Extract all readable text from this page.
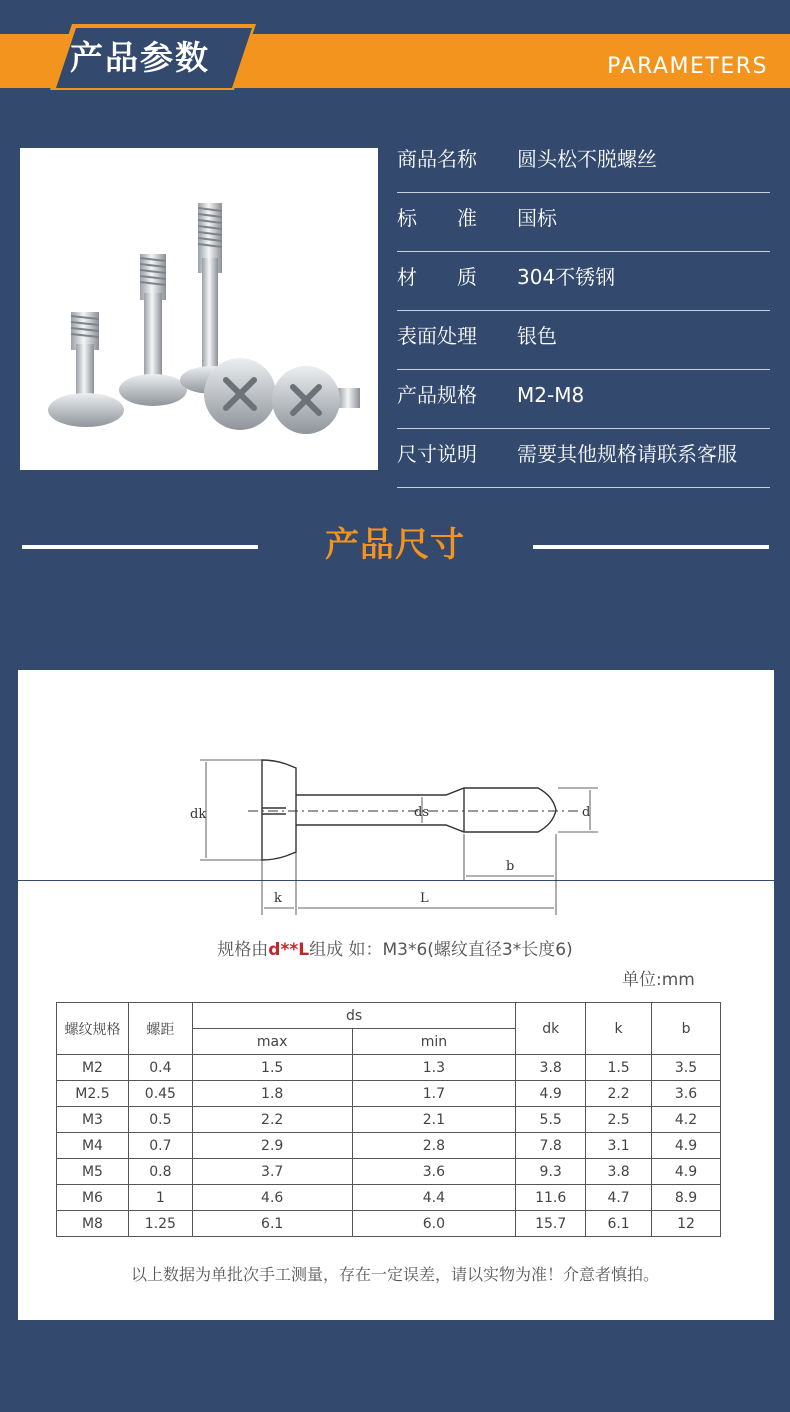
产品参数	PARAMETERS
商品名称	圆头松不脱螺丝
标　　准	国标
材　　质	304不锈钢
表面处理	银色
产品规格	M2-M8
尺寸说明	需要其他规格请联系客服
产品尺寸
dk	ds	d
b
k	L
规格由d**L组成 如：M3*6(螺纹直径3*长度6)
单位:mm
螺纹规格	螺距	ds		dk	k	b
		max	min			
M2	0.4	1.5	1.3	3.8	1.5	3.5
M2.5	0.45	1.8	1.7	4.9	2.2	3.6
M3	0.5	2.2	2.1	5.5	2.5	4.2
M4	0.7	2.9	2.8	7.8	3.1	4.9
M5	0.8	3.7	3.6	9.3	3.8	4.9
M6	1	4.6	4.4	11.6	4.7	8.9
M8	1.25	6.1	6.0	15.7	6.1	12
以上数据为单批次手工测量，存在一定误差，请以实物为准！介意者慎拍。
